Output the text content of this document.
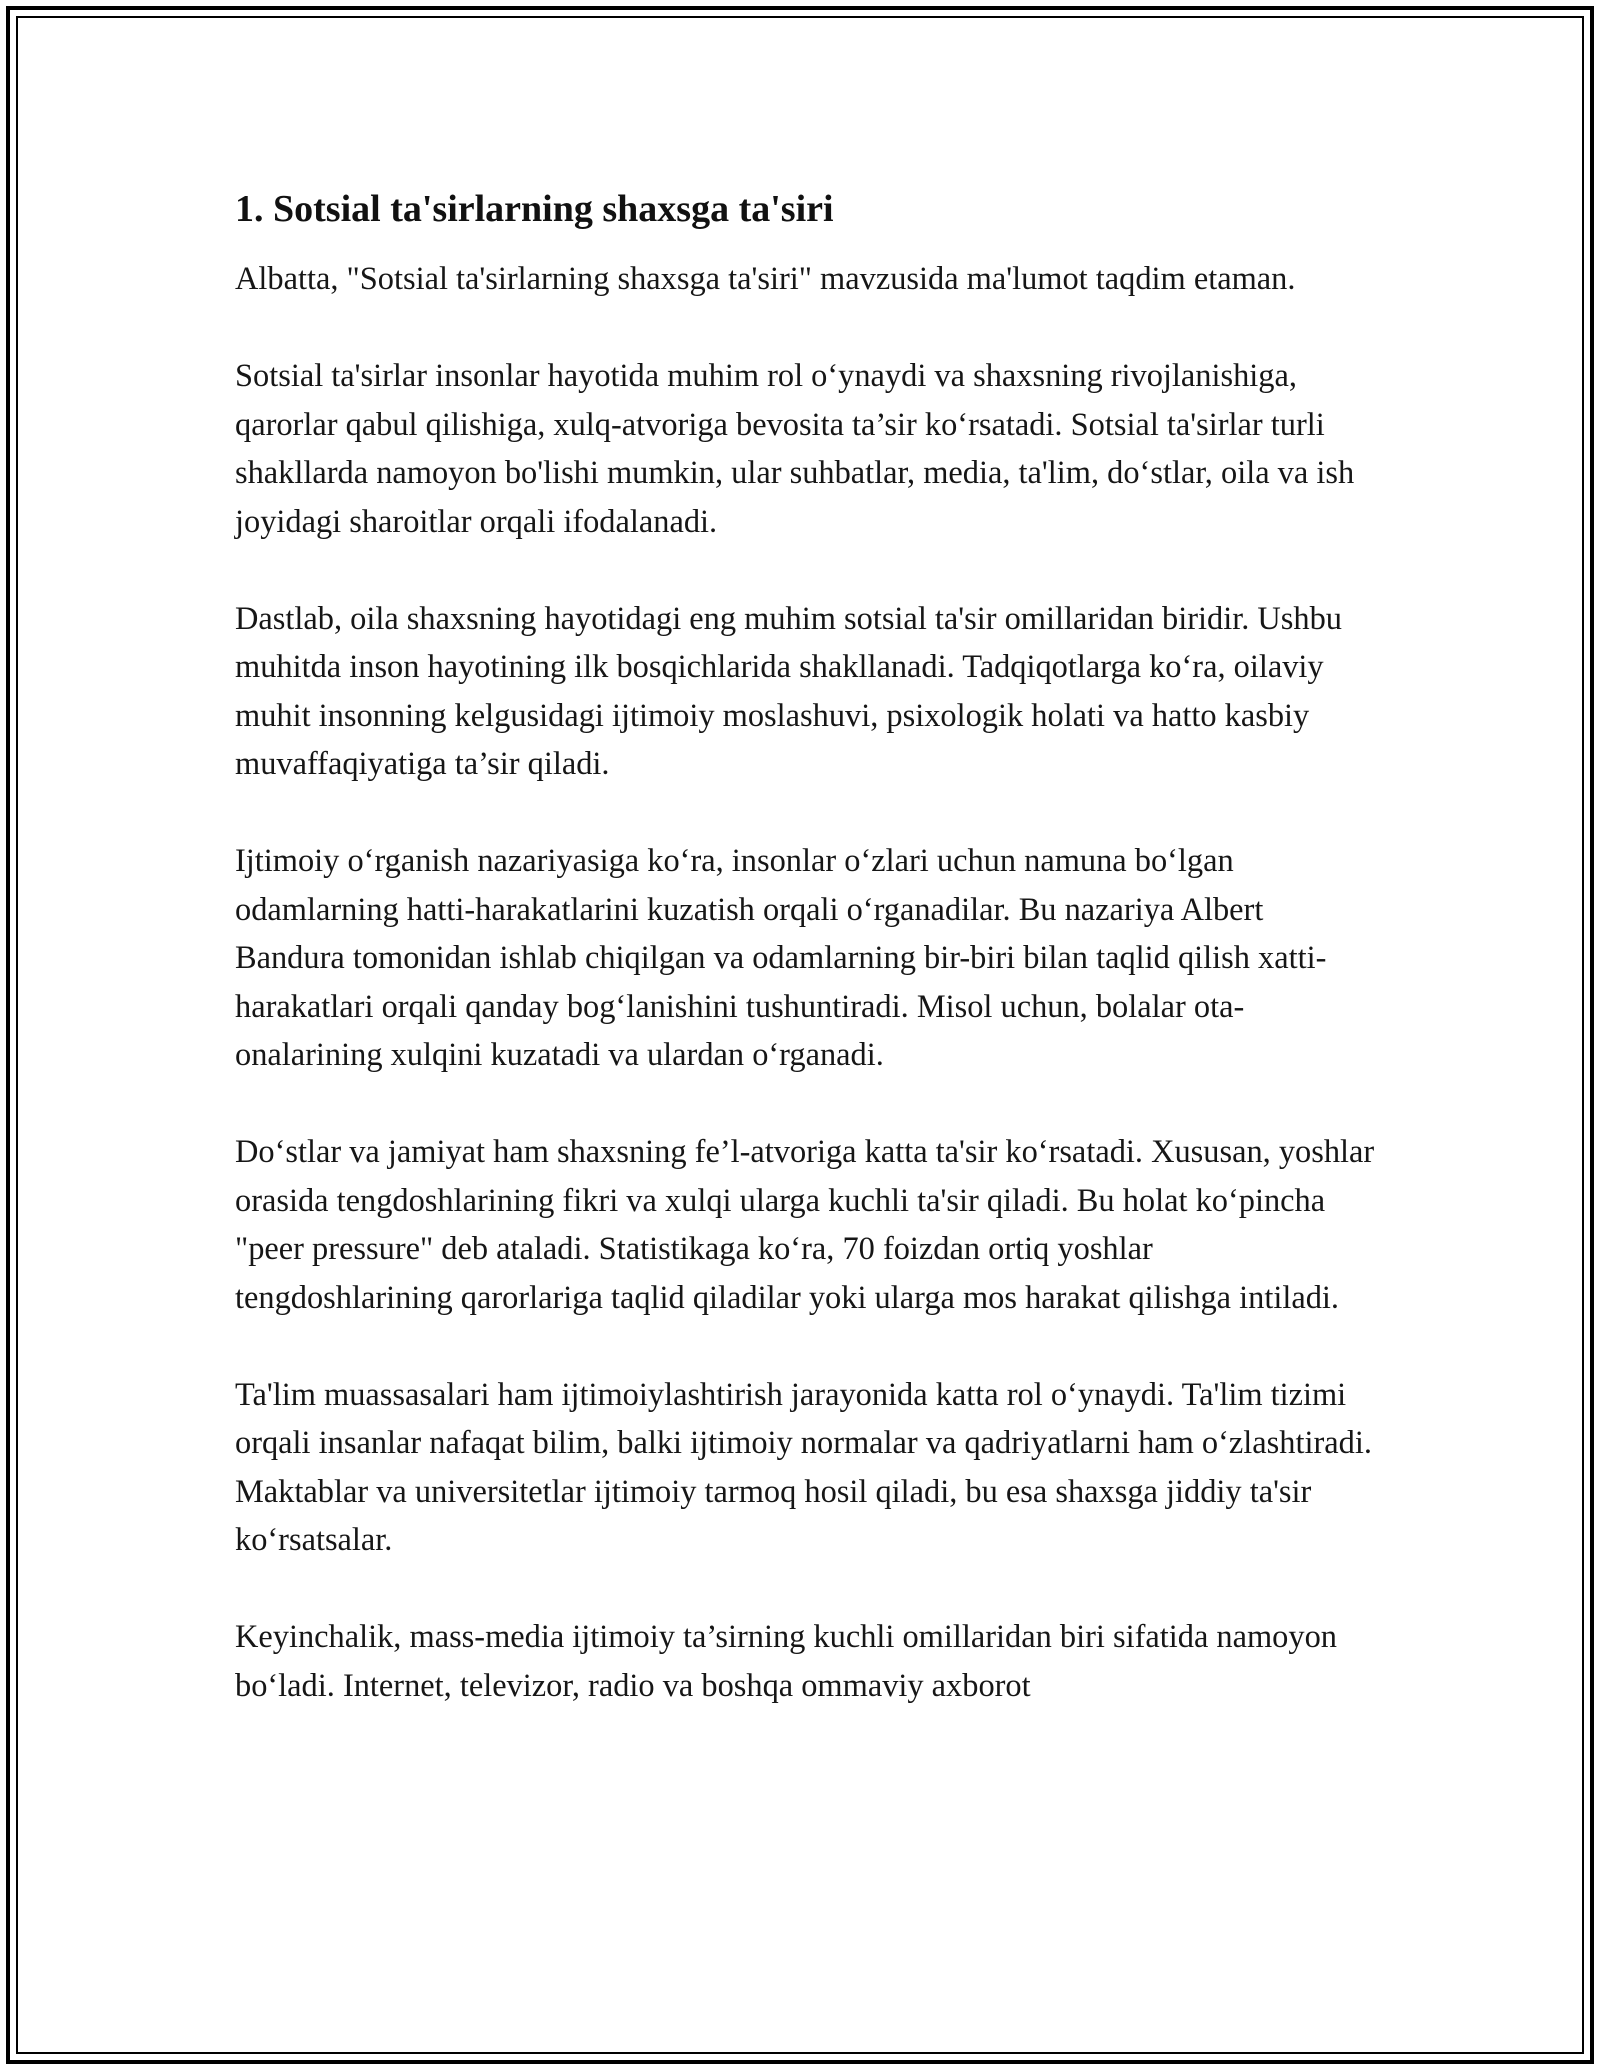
1. Sotsial ta'sirlarning shaxsga ta'siri

Albatta, "Sotsial ta'sirlarning shaxsga ta'siri" mavzusida ma'lumot taqdim etaman.

Sotsial ta'sirlar insonlar hayotida muhim rol o‘ynaydi va shaxsning rivojlanishiga, qarorlar qabul qilishiga, xulq-atvoriga bevosita ta’sir ko‘rsatadi. Sotsial ta'sirlar turli shakllarda namoyon bo'lishi mumkin, ular suhbatlar, media, ta'lim, do‘stlar, oila va ish joyidagi sharoitlar orqali ifodalanadi.

Dastlab, oila shaxsning hayotidagi eng muhim sotsial ta'sir omillaridan biridir. Ushbu muhitda inson hayotining ilk bosqichlarida shakllanadi. Tadqiqotlarga ko‘ra, oilaviy muhit insonning kelgusidagi ijtimoiy moslashuvi, psixologik holati va hatto kasbiy muvaffaqiyatiga ta’sir qiladi.

Ijtimoiy o‘rganish nazariyasiga ko‘ra, insonlar o‘zlari uchun namuna bo‘lgan odamlarning hatti-harakatlarini kuzatish orqali o‘rganadilar. Bu nazariya Albert Bandura tomonidan ishlab chiqilgan va odamlarning bir-biri bilan taqlid qilish xatti-harakatlari orqali qanday bog‘lanishini tushuntiradi. Misol uchun, bolalar ota-onalarining xulqini kuzatadi va ulardan o‘rganadi.

Do‘stlar va jamiyat ham shaxsning fe’l-atvoriga katta ta'sir ko‘rsatadi. Xususan, yoshlar orasida tengdoshlarining fikri va xulqi ularga kuchli ta'sir qiladi. Bu holat ko‘pincha "peer pressure" deb ataladi. Statistikaga ko‘ra, 70 foizdan ortiq yoshlar tengdoshlarining qarorlariga taqlid qiladilar yoki ularga mos harakat qilishga intiladi.

Ta'lim muassasalari ham ijtimoiylashtirish jarayonida katta rol o‘ynaydi. Ta'lim tizimi orqali insanlar nafaqat bilim, balki ijtimoiy normalar va qadriyatlarni ham o‘zlashtiradi. Maktablar va universitetlar ijtimoiy tarmoq hosil qiladi, bu esa shaxsga jiddiy ta'sir ko‘rsatsalar.

Keyinchalik, mass-media ijtimoiy ta’sirning kuchli omillaridan biri sifatida namoyon bo‘ladi. Internet, televizor, radio va boshqa ommaviy axborot
